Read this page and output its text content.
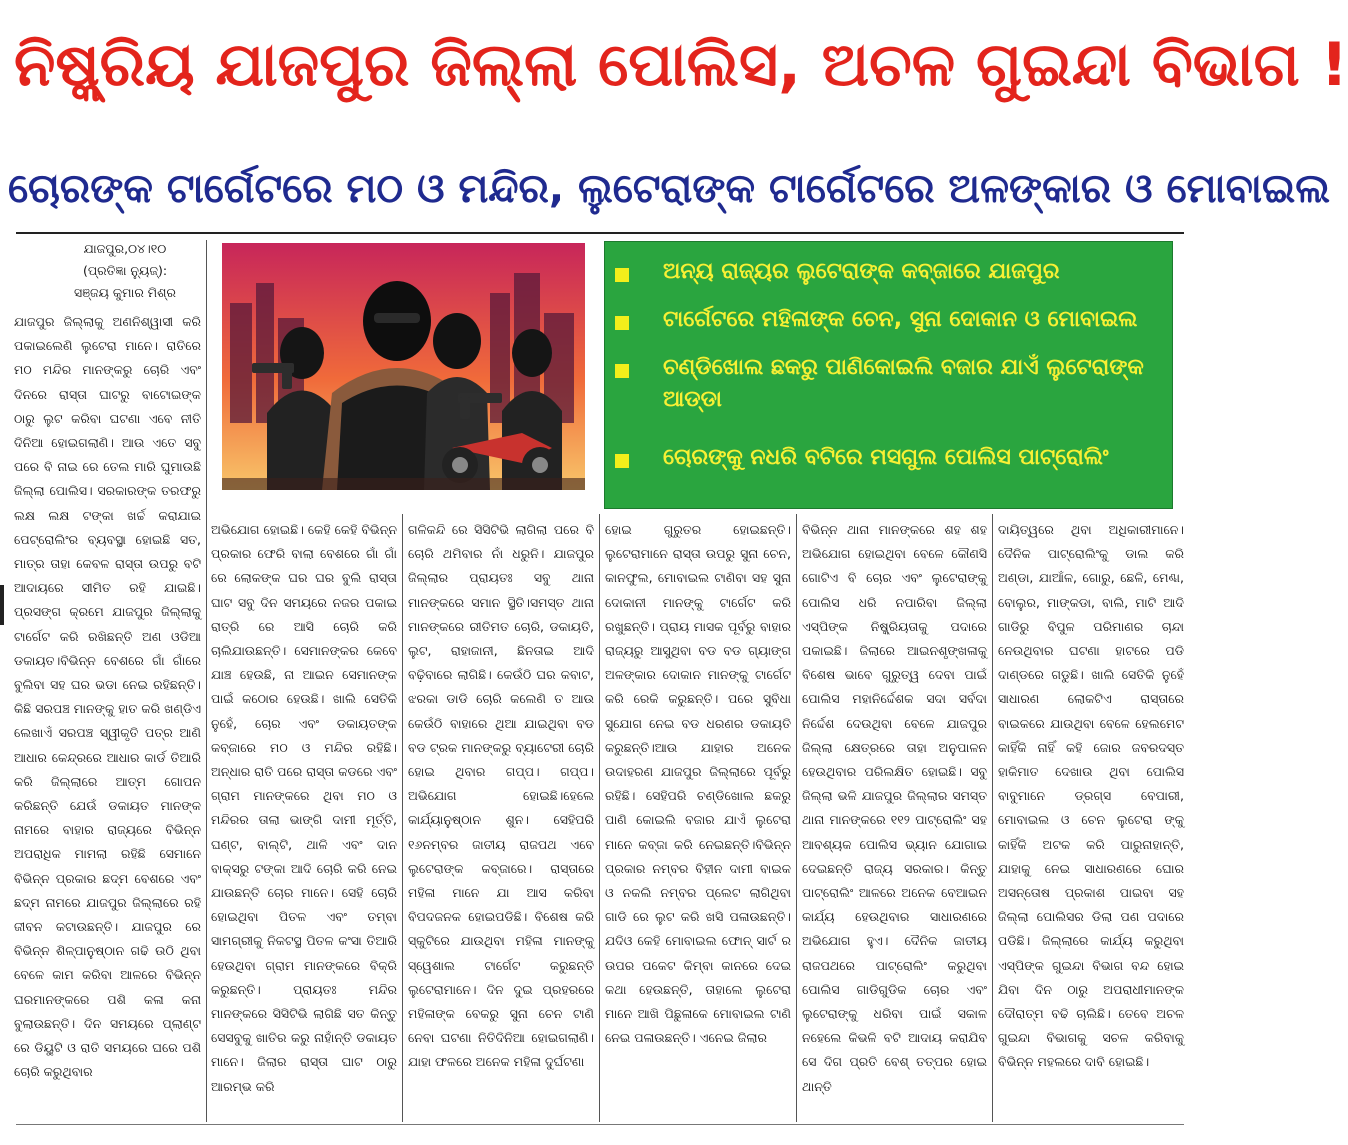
ନିଷ୍କ୍ରିୟ ଯାଜପୁର ଜିଲ୍ଲା ପୋଲିସ, ଅଚଳ ଗୁଇନ୍ଦା ବିଭାଗ !
ଚୋରଙ୍କ ଟାର୍ଗେଟରେ ମଠ ଓ ମନ୍ଦିର, ଲୁଟେରାଙ୍କ ଟାର୍ଗେଟରେ ଅଳଙ୍କାର ଓ ମୋବାଇଲ
ଯାଜପୁର,୦୪।୧୦
(ପ୍ରତିଜ୍ଞା ନ୍ୟୁଜ୍):
ସଞ୍ଜୟ କୁମାର ମିଶ୍ର
ଅନ୍ୟ ରାଜ୍ୟର ଲୁଟେରାଙ୍କ କବ୍ଜାରେ ଯାଜପୁର
ଟାର୍ଗେଟରେ ମହିଳାଙ୍କ ଚେନ, ସୁନା ଦୋକାନ ଓ ମୋବାଇଲ
ଚଣ୍ଡିଖୋଲ ଛକରୁ ପାଣିକୋଇଲି ବଜାର ଯାଏଁ ଲୁଟେରାଙ୍କ ଆଡ୍ଡା
ଚୋରଙ୍କୁ ନଧରି ବଟିରେ ମସଗୁଲ ପୋଲିସ ପାଟ୍ରୋଲିଂ

ଯାଜପୁର ଜିଲ୍ଲାକୁ ଅଣନିଶ୍ୱାସୀ କରି ପକାଇଲେଣି ଲୁଟେରା ମାନେ। ରାତିରେ ମଠ ମନ୍ଦିର ମାନଙ୍କରୁ ଚୋରି ଏବଂ ଦିନରେ ରାସ୍ତା ଘାଟରୁ ବାଟୋଇଙ୍କ ଠାରୁ ଲୁଟ କରିବା ଘଟଣା ଏବେ ନୀତି ଦିନିଆ ହୋଇଗଲାଣି। ଆଉ ଏତେ ସବୁ ପରେ ବି ନାଇ ରେ ତେଲ ମାରି ଘୁମାଉଛି ଜିଲ୍ଲା ପୋଲିସ। ସରକାରଙ୍କ ତରଫରୁ ଲକ୍ଷ ଲକ୍ଷ ଟଙ୍କା ଖର୍ଚ୍ଚ କରାଯାଇ ପେଟ୍ରୋଲିଂର ବ୍ୟବସ୍ଥା ହୋଇଛି ସତ, ମାତ୍ର ତାହା କେବଳ ରାସ୍ତା ଉପରୁ ବଟି ଆଦାୟରେ ସୀମିତ ରହି ଯାଇଛି। ପ୍ରସଙ୍ଗ କ୍ରମେ ଯାଜପୁର ଜିଲ୍ଲାକୁ ଟାର୍ଗେଟ କରି ରଖିଛନ୍ତି ଅଣ ଓଡିଆ ଡକାୟତ।ବିଭିନ୍ନ ବେଶରେ ଗାଁ ଗାଁରେ ବୁଲିବା ସହ ଘର ଭଡା ନେଇ ରହିଛନ୍ତି।କିଛି ସରପଞ୍ଚ ମାନଙ୍କୁ ହାତ କରି ଖଣ୍ଡିଏ ଲେଖାଏଁ ସରପଞ୍ଚ ସ୍ୱୀକୃତି ପତ୍ର ଆଣି ଆଧାର କେନ୍ଦ୍ରରେ ଆଧାର କାର୍ଡ ତିଆରି କରି ଜିଲ୍ଲାରେ ଆତ୍ମ ଗୋପନ କରିଛନ୍ତି ଯେଉଁ ଡକାୟତ ମାନଙ୍କ ନାମରେ ବାହାର ରାଜ୍ୟରେ ବିଭିନ୍ନ ଅପରାଧିକ ମାମଲା ରହିଛି ସେମାନେ ବିଭିନ୍ନ ପ୍ରକାର ଛଦ୍ମ ବେଶରେ ଏବଂ ଛଦ୍ମ ନାମରେ ଯାଜପୁର ଜିଲ୍ଲାରେ ରହି ଜୀବନ କଟାଉଛନ୍ତି। ଯାଜପୁର ରେ ବିଭିନ୍ନ ଶିଳ୍ପାନୁଷ୍ଠାନ ଗଢି ଉଠି ଥିବା ବେଳେ କାମ କରିବା ଆଳରେ ବିଭିନ୍ନ ଘରମାନଙ୍କରେ ପଶି କଳା କନା ବୁଲାଉଛନ୍ତି। ଦିନ ସମୟରେ ପ୍ଲାଣ୍ଟ ରେ ଡିୟୁଟି ଓ ରାତି ସମୟରେ ଘରେ ପଶି ଚୋରି କରୁଥିବାର

ଅଭିଯୋଗ ହୋଇଛି। କେହି କେହି ବିଭିନ୍ନ ପ୍ରକାର ଫେରି ବାଲା ବେଶରେ ଗାଁ ଗାଁ ରେ ଲୋକଙ୍କ ଘର ଘର ବୁଲି ରାସ୍ତା ଘାଟ ସବୁ ଦିନ ସମୟରେ ନଜର ପକାଇ ରାତ୍ରି ରେ ଆସି ଚୋରି କରି ଚାଲିଯାଉଛନ୍ତି। ସେମାନଙ୍କର କେବେ ଯାଞ୍ଚ ହେଉଛି, ନା ଆଇନ ସେମାନଙ୍କ ପାଇଁ କଠୋର ହେଉଛି। ଖାଲି ସେତିକି ନୁହେଁ, ଚୋର ଏବଂ ଡକାୟତଙ୍କ କବ୍ଜାରେ ମଠ ଓ ମନ୍ଦିର ରହିଛି। ଅନ୍ଧାର ରାତି ପରେ ରାସ୍ତା କଡରେ ଏବଂ ଗ୍ରାମ ମାନଙ୍କରେ ଥିବା ମଠ ଓ ମନ୍ଦିରର ତାଲା ଭାଙ୍ଗି ଦାମୀ ମୂର୍ତ୍ତି, ଘଣ୍ଟ, ବାଲ୍ଟି, ଥାଳି ଏବଂ ଦାନ ବାକ୍ସରୁ ଟଙ୍କା ଆଦି ଚୋରି କରି ନେଇ ଯାଉଛନ୍ତି ଚୋର ମାନେ। ସେହି ଚୋରି ହୋଇଥିବା ପିତଳ ଏବଂ ତମ୍ବା ସାମଗ୍ରୀକୁ ନିକଟସ୍ଥ ପିତଳ କଂସା ତିଆରି ହେଉଥିବା ଗ୍ରାମ ମାନଙ୍କରେ ବିକ୍ରି କରୁଛନ୍ତି। ପ୍ରାୟତଃ ମନ୍ଦିର ମାନଙ୍କରେ ସିସିଟିଭି ଲାଗିଛି ସତ କିନ୍ତୁ ସେସବୁକୁ ଖାତିର କରୁ ନାହାଁନ୍ତି ଡକାୟତ ମାନେ। ଜିଲାର ରାସ୍ତା ଘାଟ ଠାରୁ ଆରମ୍ଭ କରି

ଗଳିକନ୍ଦି ରେ ସିସିଟିଭି ଲାଗିଲା ପରେ ବି ଚୋରି ଥମିବାର ନାଁ ଧରୁନି। ଯାଜପୁର ଜିଲ୍ଲାର ପ୍ରାୟତଃ ସବୁ ଥାନା ମାନଙ୍କରେ ସମାନ ସ୍ଥିତି।ସମସ୍ତ ଥାନା ମାନଙ୍କରେ ରୀତିମତ ଚୋରି, ଡକାୟତି, ଲୁଟ, ରାହାଜାନୀ, ଛିନତାଇ ଆଦି ବଢ଼ିବାରେ ଲାଗିଛି। କେଉଁଠି ଘର କବାଟ, ଝରକା ଡାଡି ଚୋରି କଲେଣି ତ ଆଉ କେଉଁଠି ବାହାରେ ଥିଆ ଯାଇଥିବା ବଡ ବଡ ଟ୍ରକ ମାନଙ୍କରୁ ବ୍ୟାଟେରୀ ଚୋରି ହୋଇ ଥିବାର ଗପ୍ପ। ଗପ୍ପ। ଅଭିଯୋଗ ହୋଇଛି।ହେଲେ କାର୍ଯ୍ୟାନୁଷ୍ଠାନ ଶୁନ। ସେହିପରି ୧୬ନମ୍ବର ଜାତୀୟ ରାଜପଥ ଏବେ ଲୁଟେରାଙ୍କ କବ୍ଜାରେ। ରାସ୍ତାରେ ମହିଳା ମାନେ ଯା ଆସ କରିବା ବିପଦଜନକ ହୋଇପଡିଛି। ବିଶେଷ କରି ସ୍କୁଟିରେ ଯାଉଥିବା ମହିଳା ମାନଙ୍କୁ ସ୍ୱେଶାଲ ଟାର୍ଗେଟ କରୁଛନ୍ତି ଲୁଟେରାମାନେ। ଦିନ ଦୁଇ ପ୍ରହରରେ ମହିଳାଙ୍କ ବେକରୁ ସୁନା ଚେନ ଟାଣି ନେବା ଘଟଣା ନିତିଦିନିଆ ହୋଇଗଲାଣି। ଯାହା ଫଳରେ ଅନେକ ମହିଳା ଦୁର୍ଘଟଣା

ହୋଇ ଗୁରୁତର ହୋଇଛନ୍ତି। ଲୁଟେରାମାନେ ରାସ୍ତା ଉପରୁ ସୁନା ଚେନ, କାନଫୁଲ, ମୋବାଇଲ ଟାଣିବା ସହ ସୁନା ଦୋକାନୀ ମାନଙ୍କୁ ଟାର୍ଗେଟ କରି ରଖୁଛନ୍ତି। ପ୍ରାୟ ମାସକ ପୂର୍ବରୁ ବାହାର ରାଜ୍ୟରୁ ଆସୁଥିବା ବଡ ବଡ ଗ୍ୟାଙ୍ଗ ଅଳଙ୍କାର ଦୋକାନ ମାନଙ୍କୁ ଟାର୍ଗେଟ କରି ରେକି କରୁଛନ୍ତି। ପରେ ସୁବିଧା ସୁଯୋଗ ନେଇ ବଡ ଧରଣର ଡକାୟତି କରୁଛନ୍ତି।ଆଉ ଯାହାର ଅନେକ ଉଦାହରଣ ଯାଜପୁର ଜିଲ୍ଲାରେ ପୂର୍ବରୁ ରହିଛି। ସେହିପରି ଚଣ୍ଡିଖୋଲ ଛକରୁ ପାଣି କୋଇଲି ବଜାର ଯାଏଁ ଲୁଟେରା ମାନେ କବ୍ଜା କରି ନେଇଛନ୍ତି।ବିଭିନ୍ନ ପ୍ରକାର ନମ୍ବର ବିହୀନ ଦାମୀ ବାଇକ ଓ ନକଲି ନମ୍ବର ପ୍ଲେଟ ଲାଗିଥିବା ଗାଡି ରେ ଲୁଟ କରି ଖସି ପଳାଉଛନ୍ତି। ଯଦିଓ କେହି ମୋବାଇଲ ଫୋନ୍ ସାର୍ଟ ର ଉପର ପକେଟ କିମ୍ବା କାନରେ ଦେଇ କଥା ହେଉଛନ୍ତି, ତାହାଲେ ଲୁଟେରା ମାନେ ଆଖି ପିଛୁଳାକେ ମୋବାଇଲ ଟାଣି ନେଇ ପଳାଉଛନ୍ତି। ଏନେଇ ଜିଲାର

ବିଭିନ୍ନ ଥାନା ମାନଙ୍କରେ ଶହ ଶହ ଅଭିଯୋଗ ହୋଇଥିବା ବେଳେ କୌଣସି ଗୋଟିଏ ବି ଚୋର ଏବଂ ଲୁଟେରାଙ୍କୁ ପୋଲିସ ଧରି ନପାରିବା ଜିଲ୍ଲା ଏସ୍ପିଙ୍କ ନିଷ୍କ୍ରିୟତାକୁ ପଦାରେ ପକାଇଛି। ଜିଲାରେ ଆଇନଶୃଙ୍ଖଳାକୁ ବିଶେଷ ଭାବେ ଗୁରୁତ୍ୱ ଦେବା ପାଇଁ ପୋଲିସ ମହାନିର୍ଦ୍ଦେଶକ ସଦା ସର୍ବଦା ନିର୍ଦ୍ଦେଶ ଦେଉଥିବା ବେଳେ ଯାଜପୁର ଜିଲ୍ଲା କ୍ଷେତ୍ରରେ ତାହା ଅନୁପାଳନ ହେଉଥିବାର ପରିଲକ୍ଷିତ ହୋଇଛି। ସବୁ ଜିଲ୍ଲା ଭଳି ଯାଜପୁର ଜିଲ୍ଲାର ସମସ୍ତ ଥାନା ମାନଙ୍କରେ ୧୧୨ ପାଟ୍ରୋଲିଂ ସହ ଆବଶ୍ୟକ ପୋଲିସ ଭ୍ୟାନ ଯୋଗାଇ ଦେଇଛନ୍ତି ରାଜ୍ୟ ସରକାର। କିନ୍ତୁ ପାଟ୍ରୋଲିଂ ଆଳରେ ଅନେକ ବେଆଇନ କାର୍ଯ୍ୟ ହେଉଥିବାର ସାଧାରଣରେ ଅଭିଯୋଗ ହୁଏ। ଦୈନିକ ଜାତୀୟ ରାଜପଥରେ ପାଟ୍ରୋଲିଂ କରୁଥିବା ପୋଲିସ ଗାଡିଗୁଡିକ ଚୋର ଏବଂ ଲୁଟେରାଙ୍କୁ ଧରିବା ପାଇଁ ସକାଳ ନହେଲେ କିଭଳି ବଟି ଆଦାୟ କରାଯିବ ସେ ଦିଗ ପ୍ରତି ବେଶ୍ ତତ୍ପର ହୋଇ ଥାନ୍ତି

ଦାୟିତ୍ୱରେ ଥିବା ଅଧିକାରୀମାନେ। ଦୈନିକ ପାଟ୍ରୋଲିଂକୁ ଡାଲ କରି ଅଣ୍ଡା, ଯାଆଁଳ, ଗୋରୁ, ଛେଳି, ମେଣ୍ଢା, ବୋଲୁର, ମାଙ୍କଡା, ବାଲି, ମାଟି ଆଦି ଗାଡିରୁ ବିପୁଳ ପରିମାଣର ଚାନ୍ଦା ନେଉଥିବାର ଘଟଣା ହାଟରେ ପଡି ଦାଣ୍ଡରେ ଗଡୁଛି। ଖାଲି ସେତିକି ନୁହେଁ ସାଧାରଣ ଲୋକଟିଏ ରାସ୍ତାରେ ବାଇକରେ ଯାଉଥିବା ବେଳେ ହେଲମେଟ କାହିଁକି ନାହିଁ କହି ଜୋର ଜବରଦସ୍ତ ହାକିମାତ ଦେଖାଉ ଥିବା ପୋଲିସ ବାବୁମାନେ ଡ୍ରଗ୍ସ ବେପାରୀ, ମୋବାଇଲ ଓ ଚେନ ଲୁଟେରା ଙ୍କୁ କାହିଁକି ଅଟକ କରି ପାରୁନାହାନ୍ତି, ଯାହାକୁ ନେଇ ସାଧାରଣରେ ଘୋର ଅସନ୍ତୋଷ ପ୍ରକାଶ ପାଇବା ସହ ଜିଲ୍ଲା ପୋଲିସର ଡିଲା ପଣ ପଦାରେ ପଡିଛି। ଜିଲ୍ଲାରେ କାର୍ଯ୍ୟ କରୁଥିବା ଏସ୍ପିଙ୍କ ଗୁଇନ୍ଦା ବିଭାଗ ବନ୍ଦ ହୋଇ ଯିବା ଦିନ ଠାରୁ ଅପରାଧୀମାନଙ୍କ ଦୌରାତ୍ମ ବଢି ଚାଲିଛି। ତେବେ ଅଚଳ ଗୁଇନ୍ଦା ବିଭାଗକୁ ସଚଳ କରିବାକୁ ବିଭିନ୍ନ ମହଲରେ ଦାବି ହୋଇଛି।
